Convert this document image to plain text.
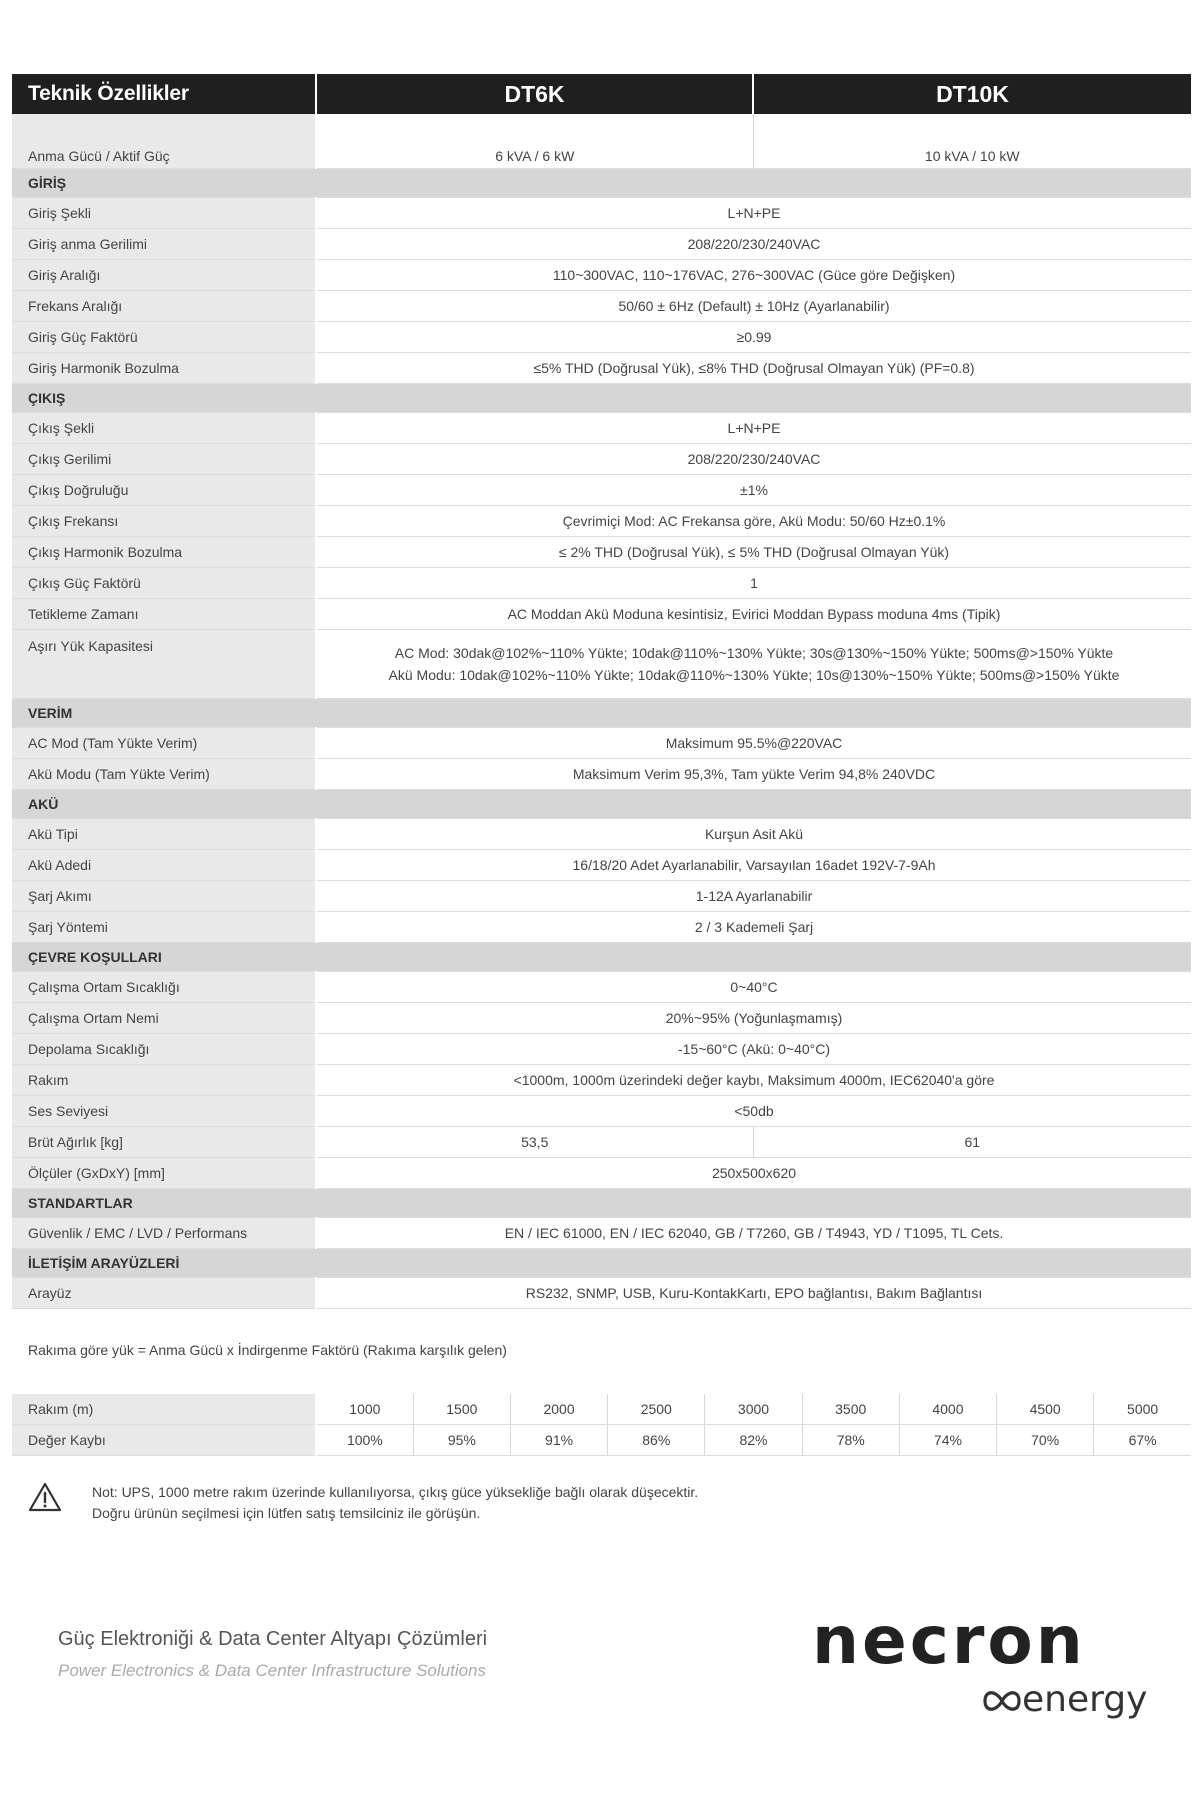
Teknik Özellikler	DT6K	DT10K
Anma Gücü / Aktif Güç	6 kVA / 6 kW	10 kVA / 10 kW
GİRİŞ		
Giriş Şekli	L+N+PE	
Giriş anma Gerilimi	208/220/230/240VAC	
Giriş Aralığı	110~300VAC, 110~176VAC, 276~300VAC (Güce göre Değişken)	
Frekans Aralığı	50/60 ± 6Hz (Default) ± 10Hz (Ayarlanabilir)	
Giriş Güç Faktörü	≥0.99	
Giriş Harmonik Bozulma	≤5% THD (Doğrusal Yük), ≤8% THD (Doğrusal Olmayan Yük) (PF=0.8)	
ÇIKIŞ		
Çıkış Şekli	L+N+PE	
Çıkış Gerilimi	208/220/230/240VAC	
Çıkış Doğruluğu	±1%	
Çıkış Frekansı	Çevrimiçi Mod: AC Frekansa göre, Akü Modu: 50/60 Hz±0.1%	
Çıkış Harmonik Bozulma	≤ 2% THD (Doğrusal Yük), ≤ 5% THD (Doğrusal Olmayan Yük)	
Çıkış Güç Faktörü	1	
Tetikleme Zamanı	AC Moddan Akü Moduna kesintisiz, Evirici Moddan Bypass moduna 4ms (Tipik)	
Aşırı Yük Kapasitesi	AC Mod: 30dak@102%~110% Yükte; 10dak@110%~130% Yükte; 30s@130%~150% Yükte; 500ms@>150% Yükte
Akü Modu: 10dak@102%~110% Yükte; 10dak@110%~130% Yükte; 10s@130%~150% Yükte; 500ms@>150% Yükte	

VERİM		
AC Mod (Tam Yükte Verim)	Maksimum 95.5%@220VAC	
Akü Modu (Tam Yükte Verim)	Maksimum Verim 95,3%, Tam yükte Verim 94,8% 240VDC	
AKÜ		
Akü Tipi	Kurşun Asit Akü	
Akü Adedi	16/18/20 Adet Ayarlanabilir, Varsayılan 16adet 192V-7-9Ah	
Şarj Akımı	1-12A Ayarlanabilir	
Şarj Yöntemi	2 / 3 Kademeli Şarj	
ÇEVRE KOŞULLARI		
Çalışma Ortam Sıcaklığı	0~40°C	
Çalışma Ortam Nemi	20%~95% (Yoğunlaşmamış)	
Depolama Sıcaklığı	-15~60°C (Akü: 0~40°C)	
Rakım	<1000m, 1000m üzerindeki değer kaybı, Maksimum 4000m, IEC62040'a göre	
Ses Seviyesi	<50db	
Brüt Ağırlık [kg]	53,5	61
Ölçüler (GxDxY) [mm]	250x500x620	
STANDARTLAR		
Güvenlik / EMC / LVD / Performans	EN / IEC 61000, EN / IEC 62040, GB / T7260, GB / T4943, YD / T1095, TL Cets.	
İLETİŞİM ARAYÜZLERİ		
Arayüz	RS232, SNMP, USB, Kuru-KontakKartı, EPO bağlantısı, Bakım Bağlantısı	
Rakıma göre yük = Anma Gücü x İndirgenme Faktörü (Rakıma karşılık gelen)
Rakım (m)	1000	1500	2000	2500	3000	3500	4000	4500	5000
Değer Kaybı	100%	95%	91%	86%	82%	78%	74%	70%	67%
Not: UPS, 1000 metre rakım üzerinde kullanılıyorsa, çıkış güce yüksekliğe bağlı olarak düşecektir.
Doğru ürünün seçilmesi için lütfen satış temsilciniz ile görüşün.
Güç Elektroniği & Data Center Altyapı Çözümleri
Power Electronics & Data Center Infrastructure Solutions	necron
energy
